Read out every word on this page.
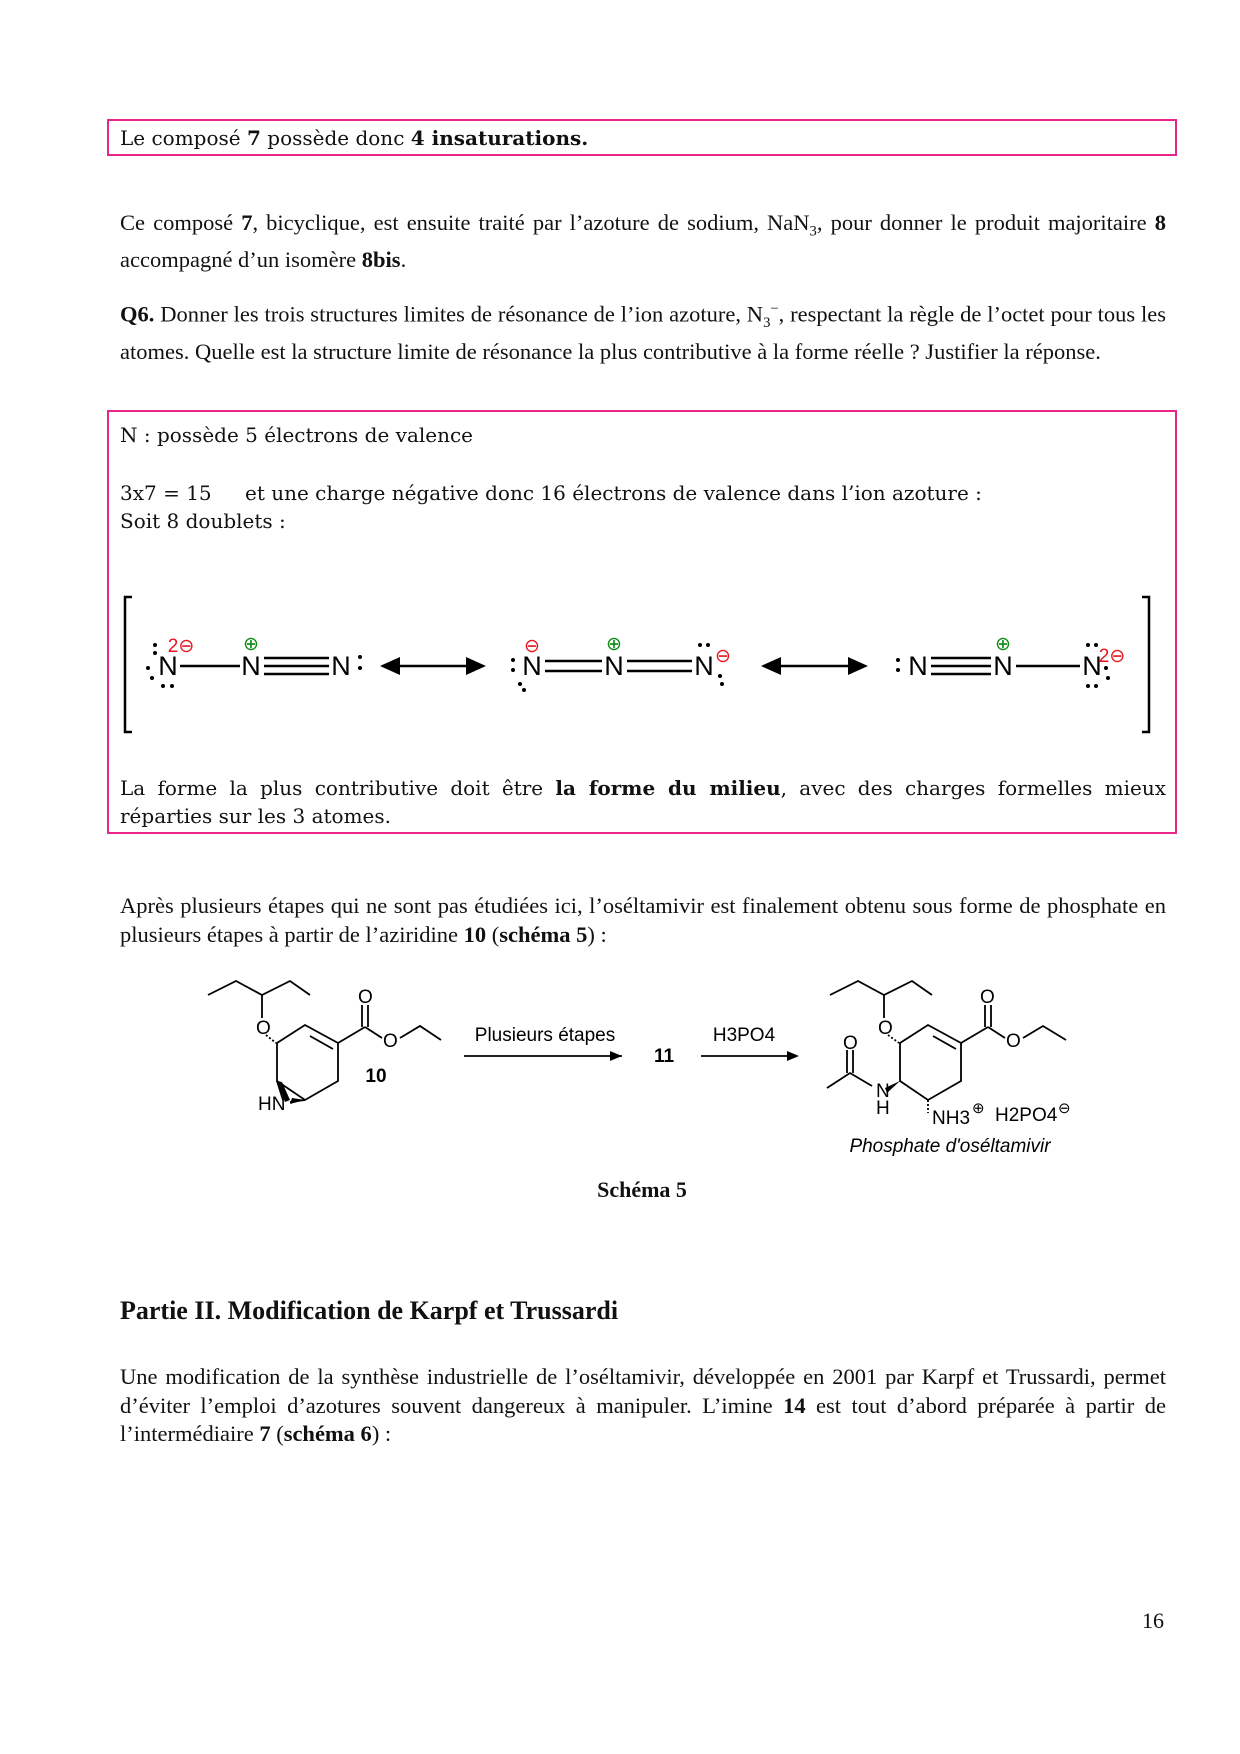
Le composé 7 possède donc 4 insaturations.
Ce composé 7, bicyclique, est ensuite traité par l’azoture de sodium, NaN$_3$, pour donner le produit majoritaire 8 accompagné d’un isomère 8bis.
Q6. Donner les trois structures limites de résonance de l’ion azoture, $N_3^-$, respectant la règle de l’octet pour tous les atomes. Quelle est la structure limite de résonance la plus contributive à la forme réelle ? Justifier la réponse.
N : possède 5 électrons de valence
3x7 = 15 et une charge négative donc 16 électrons de valence dans l’ion azoture :
Soit 8 doublets :
La forme la plus contributive doit être la forme du milieu, avec des charges formelles mieux réparties sur les 3 atomes.
N N	N	N N	N	N N	N
2⊖	⊕	⊖	⊕
⊖
⊕
2⊖
Après plusieurs étapes qui ne sont pas étudiées ici, l’oséltamivir est finalement obtenu sous forme de phosphate en plusieurs étapes à partir de l’aziridine 10 (schéma 5) :
O
O
O
HN
10
Plusieurs étapes
11
H3PO4	O
O
O
O
N
H NH3 ⊕ H2PO4 ⊖
Phosphate d'oséltamivir
Schéma 5
Partie II. Modification de Karpf et Trussardi
Une modification de la synthèse industrielle de l’oséltamivir, développée en 2001 par Karpf et Trussardi, permet d’éviter l’emploi d’azotures souvent dangereux à manipuler. L’imine 14 est tout d’abord préparée à partir de l’intermédiaire 7 (schéma 6) :
16
